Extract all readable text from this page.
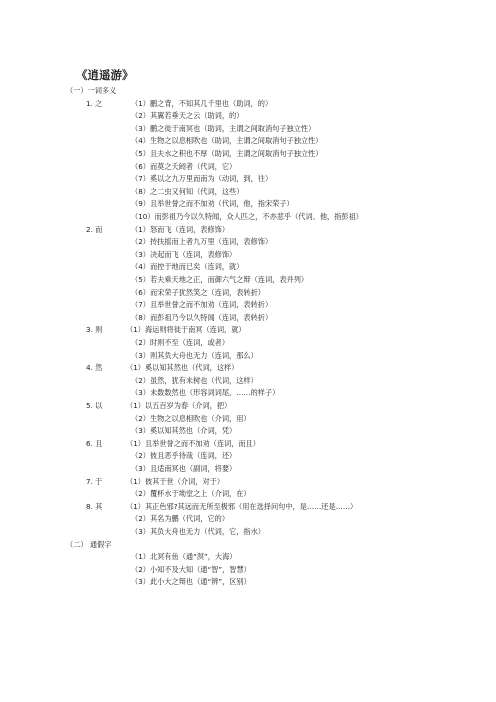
《逍遥游》
（一）一词多义
1. 之	（1）鹏之背，不知其几千里也（助词，的）
（2）其翼若垂天之云（助词，的）
（3）鹏之徙于南冥也（助词，主谓之间取消句子独立性）
（4）生物之以息相吹也（助词，主谓之间取消句子独立性）
（5）且夫水之积也不厚（助词，主谓之间取消句子独立性）
（6）而莫之夭阏者（代词，它）
（7）奚以之九万里而南为（动词，到，往）
（8）之二虫又何知（代词，这些）
（9）且举世誉之而不加劝（代词，他，指宋荣子）
（10）而彭祖乃今以久特闻，众人匹之，不亦悲乎（代词、他，指彭祖）
2. 而	（1）怒而飞（连词，表修饰）
（2）抟扶摇而上者九万里（连词，表修饰）
（3）决起而飞（连词，表修饰）
（4）而控于地而已矣（连词，就）
（5）若夫乘天地之正，而御六气之辩（连词，表并列）
（6）而宋荣子犹然笑之（连词，表转折）
（7）且举世誉之而不加劝（连词，表转折）
（8）而彭祖乃今以久特闻（连词，表转折）
3. 则	（1）海运则将徙于南冥（连词，就）
（2）时则不至（连词，或者）
（3）则其负大舟也无力（连词，那么）
4. 然	（1）奚以知其然也（代词，这样）
（2）虽然，犹有未树也（代词，这样）
（3）未数数然也（形容词词尾，……的样子）
5. 以	（1）以五百岁为春（介词，把）
（2）生物之以息相吹也（介词，用）
（3）奚以知其然也（介词，凭）
6. 且	（1）且举世誉之而不加劝（连词，而且）
（2）彼且恶乎待哉（连词，还）
（3）且适南冥也（副词，将要）
7. 于	（1）彼其于世（介词，对于）
（2）覆杯水于坳堂之上（介词，在）
8. 其	（1）其正色邪?其远而无所至极邪（用在选择问句中，是……还是……）
（2）其名为鹏（代词，它的）
（3）其负大舟也无力（代词，它，指水）
（二） 通假字
（1）北冥有鱼（通“溟”，大海）
（2）小知不及大知（通“智”，智慧）
（3）此小大之辩也（通“辨”，区别）
